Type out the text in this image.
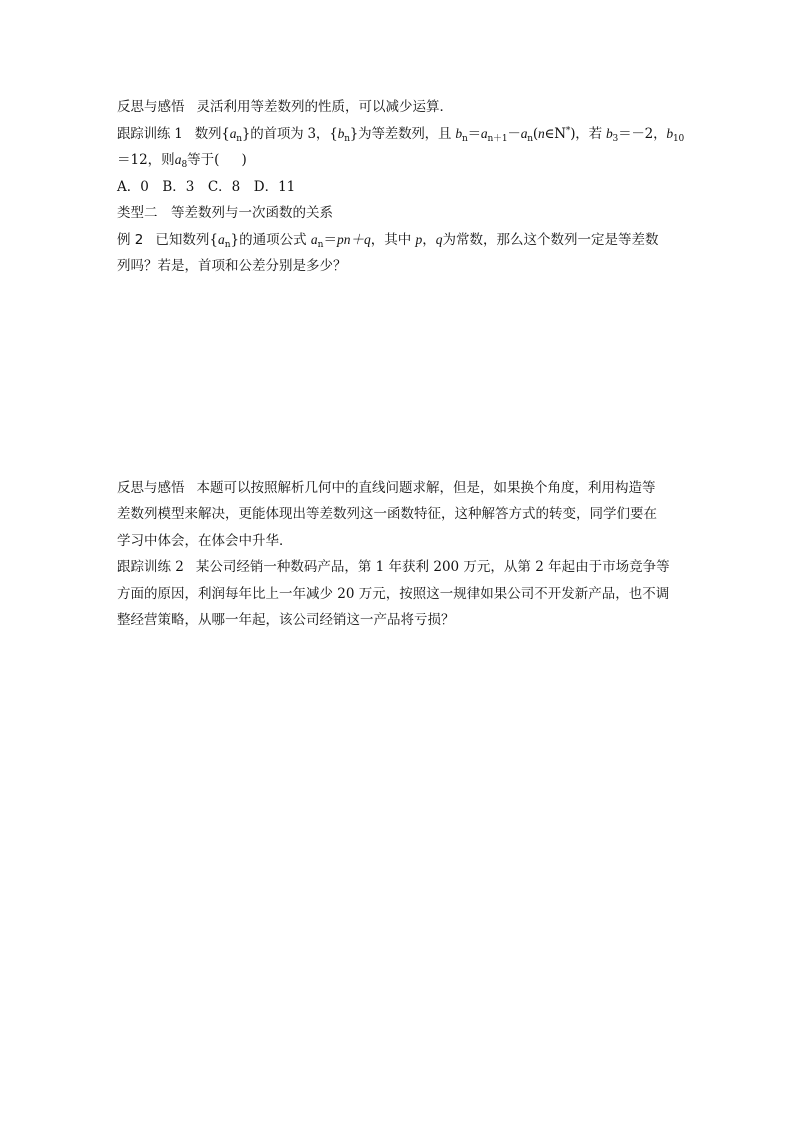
反思与感悟 灵活利用等差数列的性质，可以减少运算．
跟踪训练 1 数列$\{a_n\}$的首项为 3，$\{b_n\}$为等差数列，且 $b_n=a_{n+1}-a_n(n\in N^*)$，若 $b_3=-2$，$b_{10}$
＝12，则$a_8$等于( )
A．0　B．3　C．8　D．11
类型二　等差数列与一次函数的关系
例 2 已知数列$\{a_n\}$的通项公式 $a_n=pn+q$，其中 p，q为常数，那么这个数列一定是等差数
列吗？若是，首项和公差分别是多少？
反思与感悟 本题可以按照解析几何中的直线问题求解，但是，如果换个角度，利用构造等
差数列模型来解决，更能体现出等差数列这一函数特征，这种解答方式的转变，同学们要在
学习中体会，在体会中升华．
跟踪训练 2 某公司经销一种数码产品，第 1 年获利 200 万元，从第 2 年起由于市场竞争等
方面的原因，利润每年比上一年减少 20 万元，按照这一规律如果公司不开发新产品，也不调
整经营策略，从哪一年起，该公司经销这一产品将亏损？
